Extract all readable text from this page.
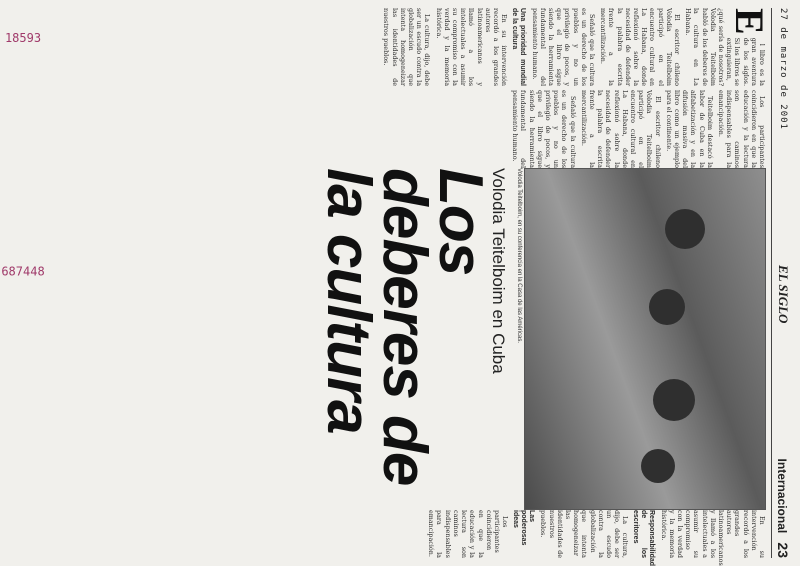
27 de marzo de 2001
EL SIGLO
Internacional 23
E

l libro es la gran aventura de los siglos. Si los libros se extinguieran, ¿qué sería de nosotros? Volodia Teitelboim habló de los deberes de la cultura en La Habana.

El escritor chileno Volodia Teitelboim participó en el encuentro cultural en La Habana, donde reflexionó sobre la necesidad de defender la palabra escrita frente a la mercantilización.

Señaló que la cultura es un derecho de los pueblos y no un privilegio de pocos, y que el libro sigue siendo la herramienta fundamental del pensamiento humano.

Una prioridad mundial de la cultura

En su intervención recordó a los grandes autores latinoamericanos y llamó a los intelectuales a asumir su compromiso con la verdad y la memoria histórica.

La cultura, dijo, debe ser un escudo contra la globalización que intenta homogeneizar las identidades de nuestros pueblos.

Los participantes coincidieron en que la educación y la lectura son caminos indispensables para la emancipación.

Teitelboim destacó la labor de Cuba en la alfabetización y en la difusión masiva del libro como un ejemplo para el continente.

El escritor chileno Volodia Teitelboim participó en el encuentro cultural en La Habana, donde reflexionó sobre la necesidad de defender la palabra escrita frente a la mercantilización.

Señaló que la cultura es un derecho de los pueblos y no un privilegio de pocos, y que el libro sigue siendo la herramienta fundamental del pensamiento humano.

En su intervención recordó a los grandes autores latinoamericanos y llamó a los intelectuales a asumir su compromiso con la verdad y la memoria histórica.

Responsabilidad de los escritores

La cultura, dijo, debe ser un escudo contra la globalización que intenta homogeneizar las identidades de nuestros pueblos.

Las poderosas ideas

Los participantes coincidieron en que la educación y la lectura son caminos indispensables para la emancipación.

Volodia Teitelboim, en su conferencia en la Casa de las Américas.
Volodia Teitelboim en Cuba
Los deberes de la cultura
687448
18593
